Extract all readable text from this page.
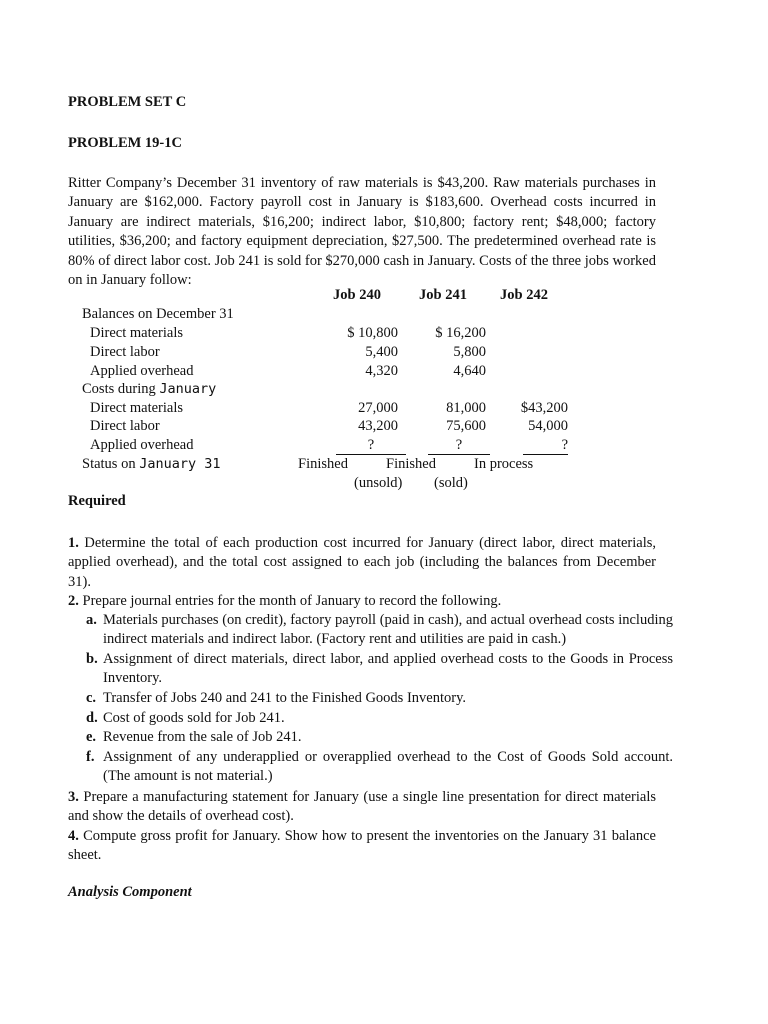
PROBLEM SET C
PROBLEM 19-1C

Ritter Company’s December 31 inventory of raw materials is $43,200. Raw materials purchases in January are $162,000. Factory payroll cost in January is $183,600. Overhead costs incurred in January are indirect materials, $16,200; indirect labor, $10,800; factory rent; $48,000; factory utilities, $36,200; and factory equipment depreciation, $27,500. The predetermined overhead rate is 80% of direct labor cost. Job 241 is sold for $270,000 cash in January. Costs of the three jobs worked on in January follow:

Job 240	Job 241 Job 242
Balances on December 31
Direct materials	$ 10,800	$ 16,200
Direct labor	5,400	5,800
Applied overhead	4,320	4,640
Costs during January
Direct materials	27,000	81,000	$43,200
Direct labor	43,200	75,600	54,000
Applied overhead	?	?	?
Status on January 31	Finished	Finished	In process
(unsold) (sold)
Required

1. Determine the total of each production cost incurred for January (direct labor, direct materials, applied overhead), and the total cost assigned to each job (including the balances from December 31).

2. Prepare journal entries for the month of January to record the following.

a. Materials purchases (on credit), factory payroll (paid in cash), and actual overhead costs including indirect materials and indirect labor. (Factory rent and utilities are paid in cash.)

b. Assignment of direct materials, direct labor, and applied overhead costs to the Goods in Process Inventory.

c. Transfer of Jobs 240 and 241 to the Finished Goods Inventory.

d. Cost of goods sold for Job 241.

e. Revenue from the sale of Job 241.

f. Assignment of any underapplied or overapplied overhead to the Cost of Goods Sold account. (The amount is not material.)

3. Prepare a manufacturing statement for January (use a single line presentation for direct materials and show the details of overhead cost).

4. Compute gross profit for January. Show how to present the inventories on the January 31 balance sheet.

Analysis Component
